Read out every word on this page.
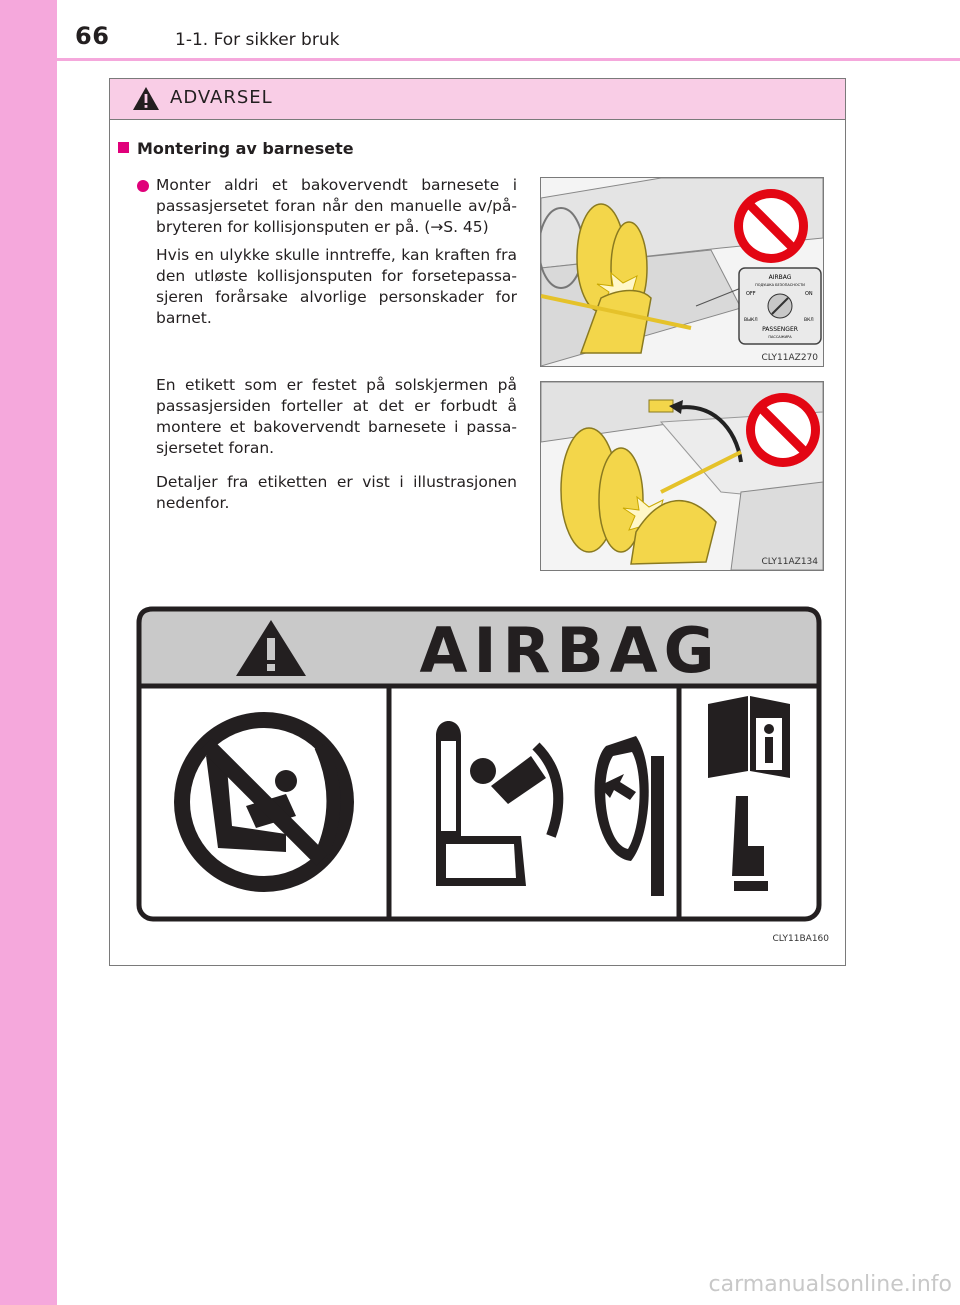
66	1-1. For sikker bruk
ADVARSEL
Montering av barnesete
Monter aldri et bakovervendt barnesete i passasjersetet foran når den manuelle av/på-bryteren for kollisjonsputen er på. (→S. 45)
Hvis en ulykke skulle inntreffe, kan kraften fra den utløste kollisjonsputen for forsetepassa-sjeren forårsake alvorlige personskader for barnet.
En etikett som er festet på solskjermen på passasjersiden forteller at det er forbudt å montere et bakovervendt barnesete i passa-sjersetet foran.
Detaljer fra etiketten er vist i illustrasjonen nedenfor.
AIRBAG
ПОДУШКА БЕЗОПАСНОСТИ
OFF	ON
ВЫКЛ	ВКЛ
PASSENGER
ПАССАЖИРА
CLY11AZ270
CLY11AZ134
AIRBAG
CLY11BA160
carmanualsonline.info
